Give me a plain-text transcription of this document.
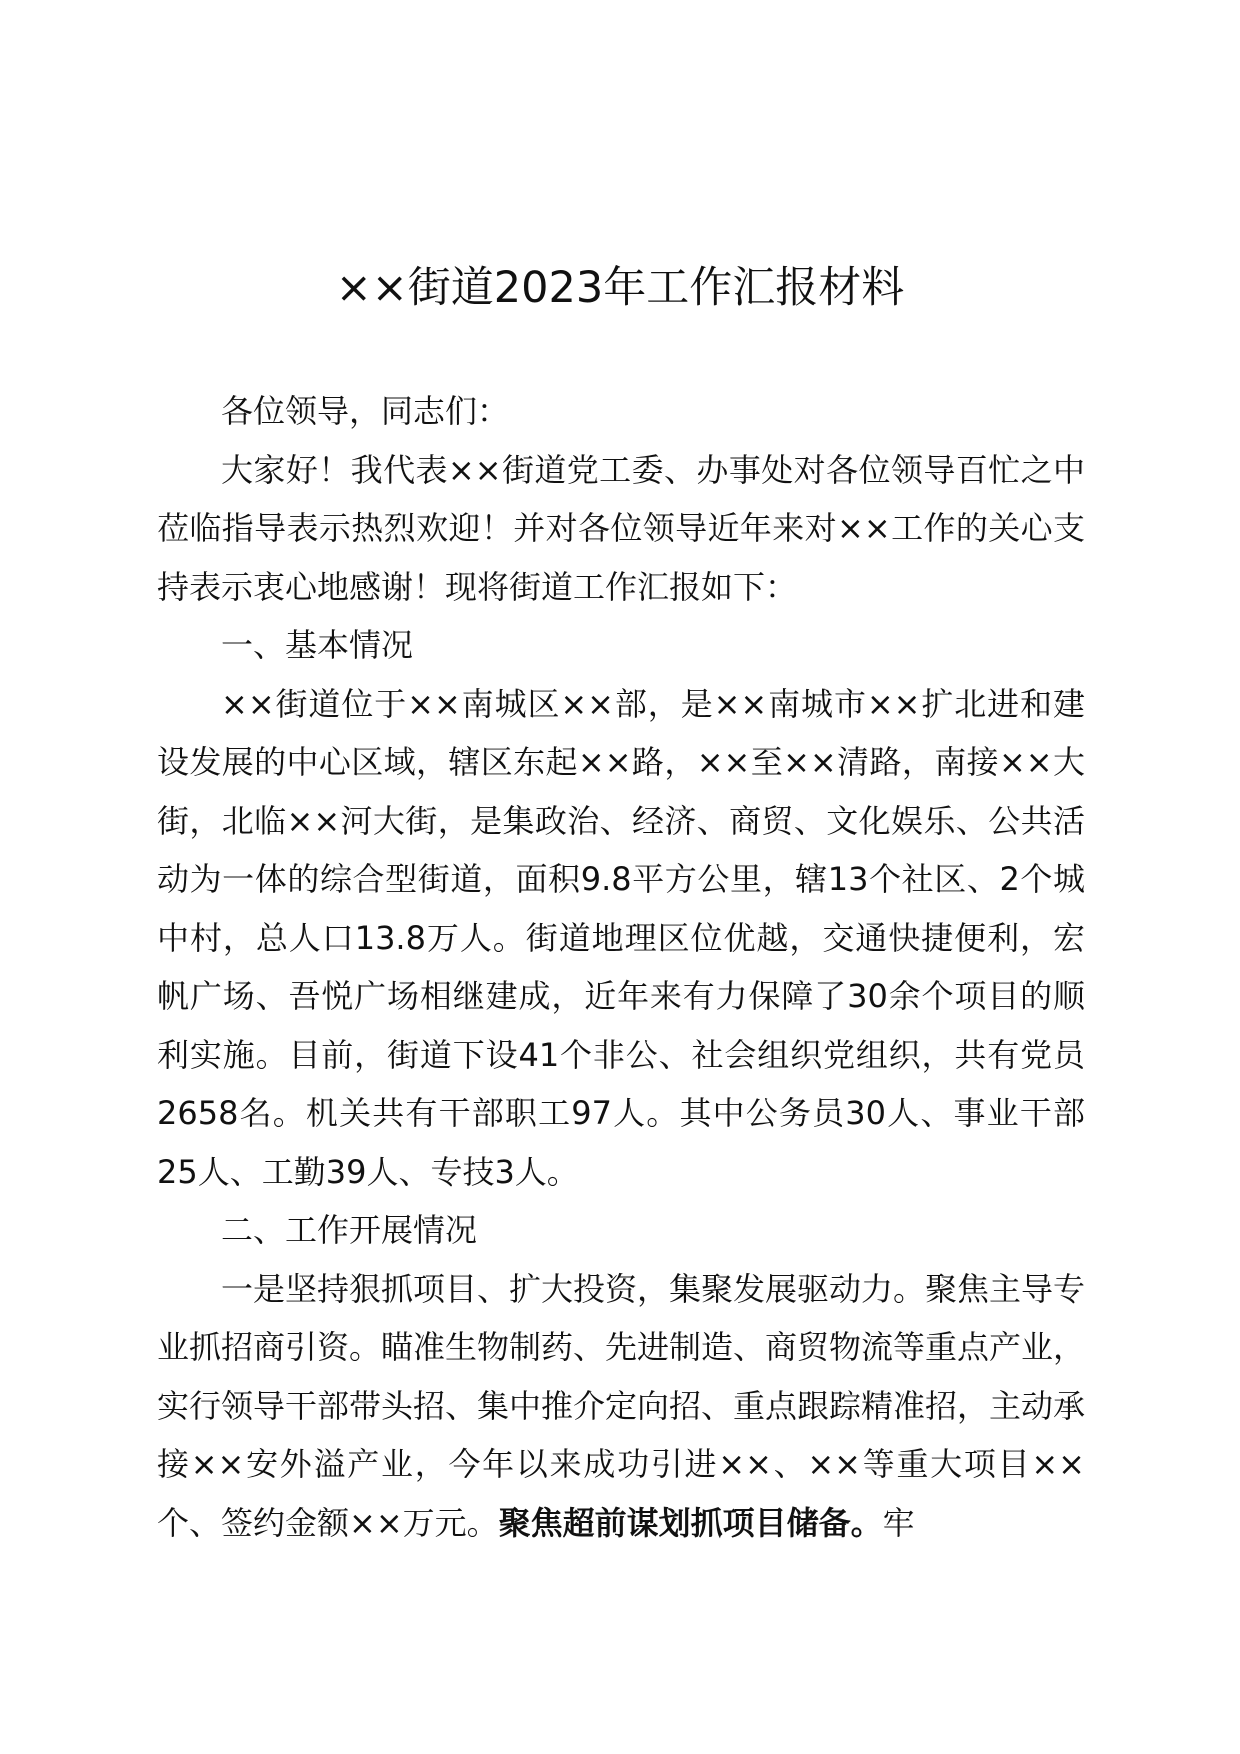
××街道2023年工作汇报材料

各位领导，同志们：

大家好！我代表××街道党工委、办事处对各位领导百忙之中莅临指导表示热烈欢迎！并对各位领导近年来对××工作的关心支持表示衷心地感谢！现将街道工作汇报如下：

一、基本情况

××街道位于××南城区××部，是××南城市××扩北进和建设发展的中心区域，辖区东起××路，××至××清路，南接××大街，北临××河大街，是集政治、经济、商贸、文化娱乐、公共活动为一体的综合型街道，面积9.8平方公里，辖13个社区、2个城中村，总人口13.8万人。街道地理区位优越，交通快捷便利，宏帆广场、吾悦广场相继建成，近年来有力保障了30余个项目的顺利实施。目前，街道下设41个非公、社会组织党组织，共有党员2658名。机关共有干部职工97人。其中公务员30人、事业干部25人、工勤39人、专技3人。

二、工作开展情况

一是坚持狠抓项目、扩大投资，集聚发展驱动力。聚焦主导专业抓招商引资。瞄准生物制药、先进制造、商贸物流等重点产业，实行领导干部带头招、集中推介定向招、重点跟踪精准招，主动承接××安外溢产业，今年以来成功引进××、××等重大项目××个、签约金额××万元。聚焦超前谋划抓项目储备。牢
